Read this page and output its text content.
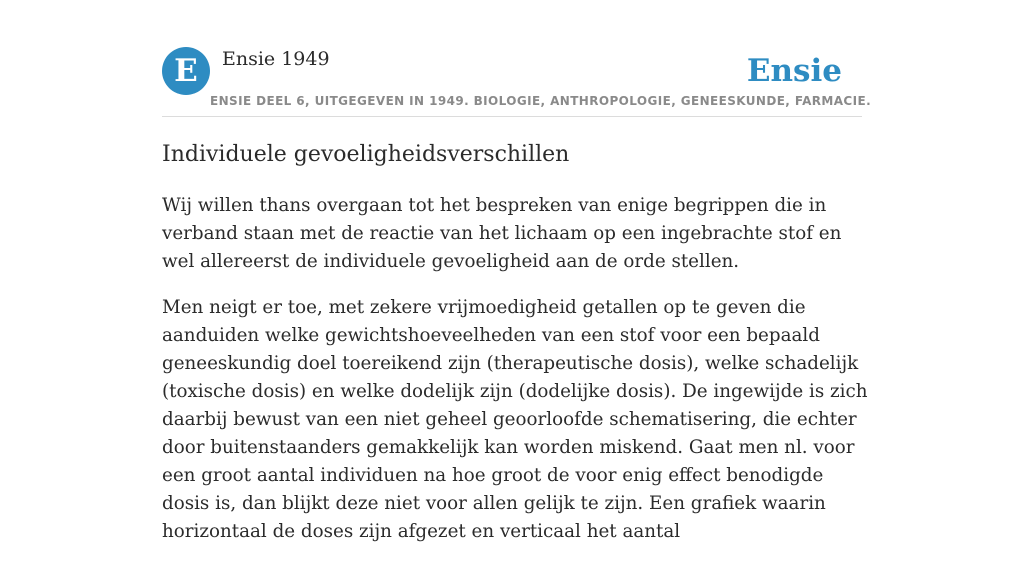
E	Ensie 1949	Ensie
ENSIE DEEL 6, UITGEGEVEN IN 1949. BIOLOGIE, ANTHROPOLOGIE, GENEESKUNDE, FARMACIE.
Individuele gevoeligheidsverschillen

Wij willen thans overgaan tot het bespreken van enige begrippen die in verband staan met de reactie van het lichaam op een ingebrachte stof en wel allereerst de individuele gevoeligheid aan de orde stellen.

Men neigt er toe, met zekere vrijmoedigheid getallen op te geven die aanduiden welke gewichtshoeveelheden van een stof voor een bepaald geneeskundig doel toereikend zijn (therapeutische dosis), welke schadelijk (toxische dosis) en welke dodelijk zijn (dodelijke dosis). De ingewijde is zich daarbij bewust van een niet geheel geoorloofde schematisering, die echter door buitenstaanders gemakkelijk kan worden miskend. Gaat men nl. voor een groot aantal individuen na hoe groot de voor enig effect benodigde dosis is, dan blijkt deze niet voor allen gelijk te zijn. Een grafiek waarin horizontaal de doses zijn afgezet en verticaal het aantal
